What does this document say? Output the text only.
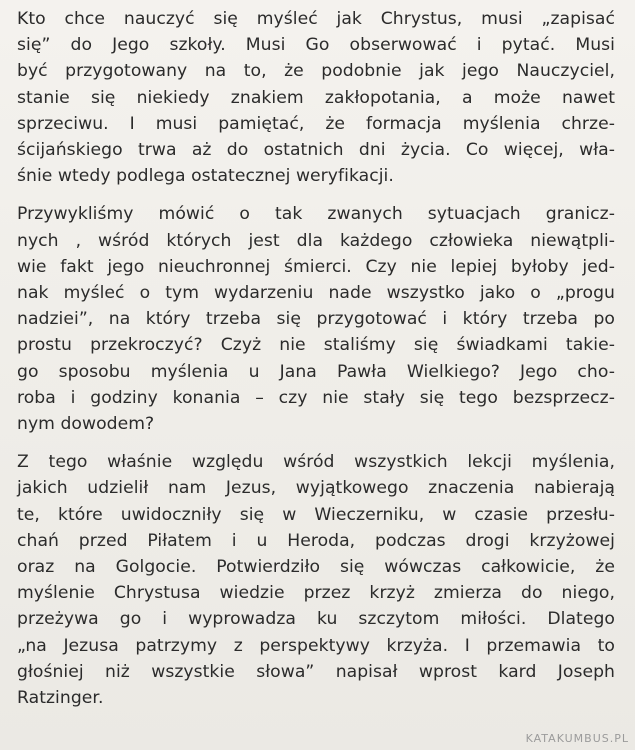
Kto chce nauczyć się myśleć jak Chrystus, musi „zapisać
się” do Jego szkoły. Musi Go obserwować i pytać. Musi
być przygotowany na to, że podobnie jak jego Nauczyciel,
stanie się niekiedy znakiem zakłopotania, a może nawet
sprzeciwu. I musi pamiętać, że formacja myślenia chrze-
ścijańskiego trwa aż do ostatnich dni życia. Co więcej, wła-
śnie wtedy podlega ostatecznej weryfikacji.

Przywykliśmy mówić o tak zwanych sytuacjach granicz-
nych , wśród których jest dla każdego człowieka niewątpli-
wie fakt jego nieuchronnej śmierci. Czy nie lepiej byłoby jed-
nak myśleć o tym wydarzeniu nade wszystko jako o „progu
nadziei”, na który trzeba się przygotować i który trzeba po
prostu przekroczyć? Czyż nie staliśmy się świadkami takie-
go sposobu myślenia u Jana Pawła Wielkiego? Jego cho-
roba i godziny konania – czy nie stały się tego bezsprzecz-
nym dowodem?

Z tego właśnie względu wśród wszystkich lekcji myślenia,
jakich udzielił nam Jezus, wyjątkowego znaczenia nabierają
te, które uwidoczniły się w Wieczerniku, w czasie przesłu-
chań przed Piłatem i u Heroda, podczas drogi krzyżowej
oraz na Golgocie. Potwierdziło się wówczas całkowicie, że
myślenie Chrystusa wiedzie przez krzyż zmierza do niego,
przeżywa go i wyprowadza ku szczytom miłości. Dlatego
„na Jezusa patrzymy z perspektywy krzyża. I przemawia to
głośniej niż wszystkie słowa” napisał wprost kard Joseph
Ratzinger.

KATAKUMBUS.PL
